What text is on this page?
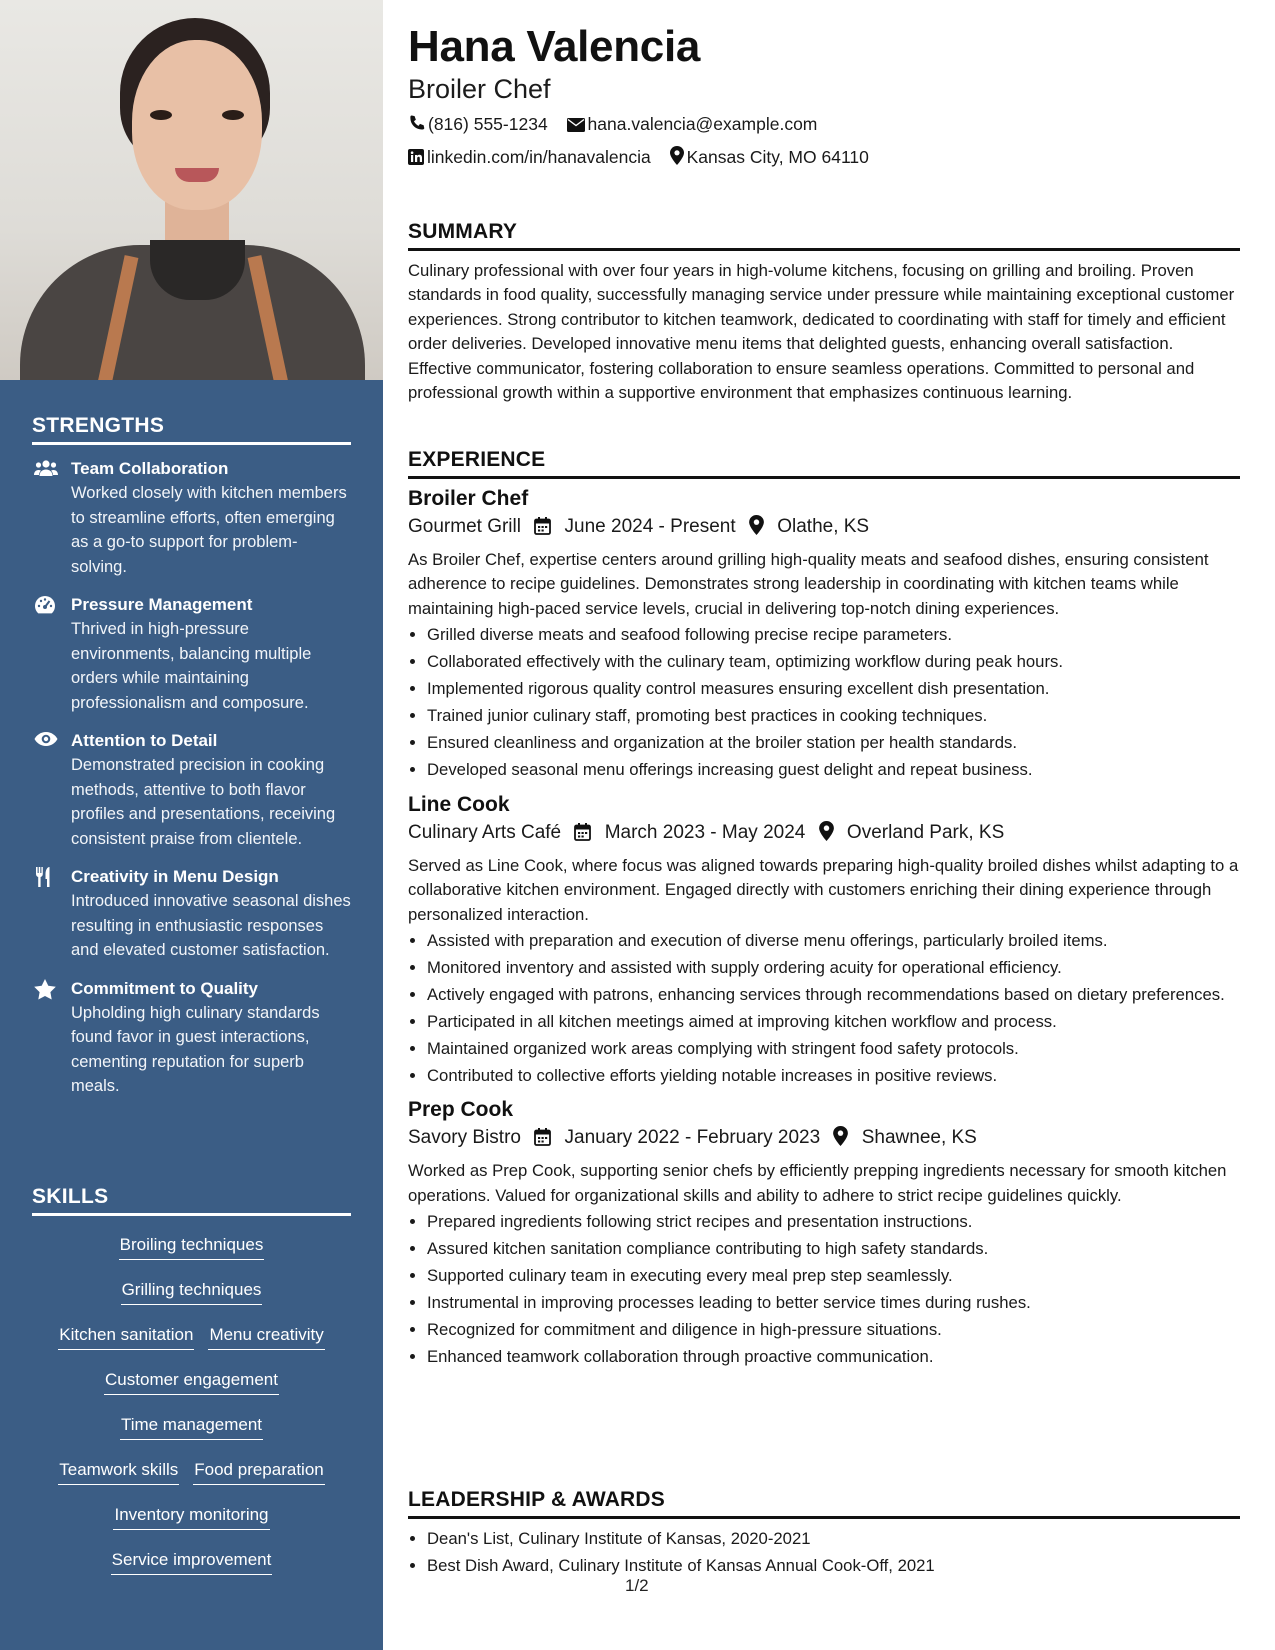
STRENGTHS
Team Collaboration
Worked closely with kitchen members to streamline efforts, often emerging as a go-to support for problem-solving.
Pressure Management
Thrived in high-pressure environments, balancing multiple orders while maintaining professionalism and composure.
Attention to Detail
Demonstrated precision in cooking methods, attentive to both flavor profiles and presentations, receiving consistent praise from clientele.
Creativity in Menu Design
Introduced innovative seasonal dishes resulting in enthusiastic responses and elevated customer satisfaction.
Commitment to Quality
Upholding high culinary standards found favor in guest interactions, cementing reputation for superb meals.
SKILLS
Broiling techniques
Grilling techniques
Kitchen sanitation Menu creativity
Customer engagement
Time management
Teamwork skills Food preparation
Inventory monitoring
Service improvement
Hana Valencia
Broiler Chef
(816) 555-1234 hana.valencia@example.com
linkedin.com/in/hanavalencia Kansas City, MO 64110
SUMMARY

Culinary professional with over four years in high-volume kitchens, focusing on grilling and broiling. Proven standards in food quality, successfully managing service under pressure while maintaining exceptional customer experiences. Strong contributor to kitchen teamwork, dedicated to coordinating with staff for timely and efficient order deliveries. Developed innovative menu items that delighted guests, enhancing overall satisfaction. Effective communicator, fostering collaboration to ensure seamless operations. Committed to personal and professional growth within a supportive environment that emphasizes continuous learning.

EXPERIENCE
Broiler Chef
Gourmet Grill June 2024 - Present Olathe, KS

As Broiler Chef, expertise centers around grilling high-quality meats and seafood dishes, ensuring consistent adherence to recipe guidelines. Demonstrates strong leadership in coordinating with kitchen teams while maintaining high-paced service levels, crucial in delivering top-notch dining experiences.

• Grilled diverse meats and seafood following precise recipe parameters.
• Collaborated effectively with the culinary team, optimizing workflow during peak hours.
• Implemented rigorous quality control measures ensuring excellent dish presentation.
• Trained junior culinary staff, promoting best practices in cooking techniques.
• Ensured cleanliness and organization at the broiler station per health standards.
• Developed seasonal menu offerings increasing guest delight and repeat business.
Line Cook
Culinary Arts Café March 2023 - May 2024 Overland Park, KS

Served as Line Cook, where focus was aligned towards preparing high-quality broiled dishes whilst adapting to a collaborative kitchen environment. Engaged directly with customers enriching their dining experience through personalized interaction.

• Assisted with preparation and execution of diverse menu offerings, particularly broiled items.
• Monitored inventory and assisted with supply ordering acuity for operational efficiency.
• Actively engaged with patrons, enhancing services through recommendations based on dietary preferences.
• Participated in all kitchen meetings aimed at improving kitchen workflow and process.
• Maintained organized work areas complying with stringent food safety protocols.
• Contributed to collective efforts yielding notable increases in positive reviews.
Prep Cook
Savory Bistro January 2022 - February 2023 Shawnee, KS

Worked as Prep Cook, supporting senior chefs by efficiently prepping ingredients necessary for smooth kitchen operations. Valued for organizational skills and ability to adhere to strict recipe guidelines quickly.

• Prepared ingredients following strict recipes and presentation instructions.
• Assured kitchen sanitation compliance contributing to high safety standards.
• Supported culinary team in executing every meal prep step seamlessly.
• Instrumental in improving processes leading to better service times during rushes.
• Recognized for commitment and diligence in high-pressure situations.
• Enhanced teamwork collaboration through proactive communication.
LEADERSHIP & AWARDS
• Dean's List, Culinary Institute of Kansas, 2020-2021
• Best Dish Award, Culinary Institute of Kansas Annual Cook-Off, 2021
1/2
